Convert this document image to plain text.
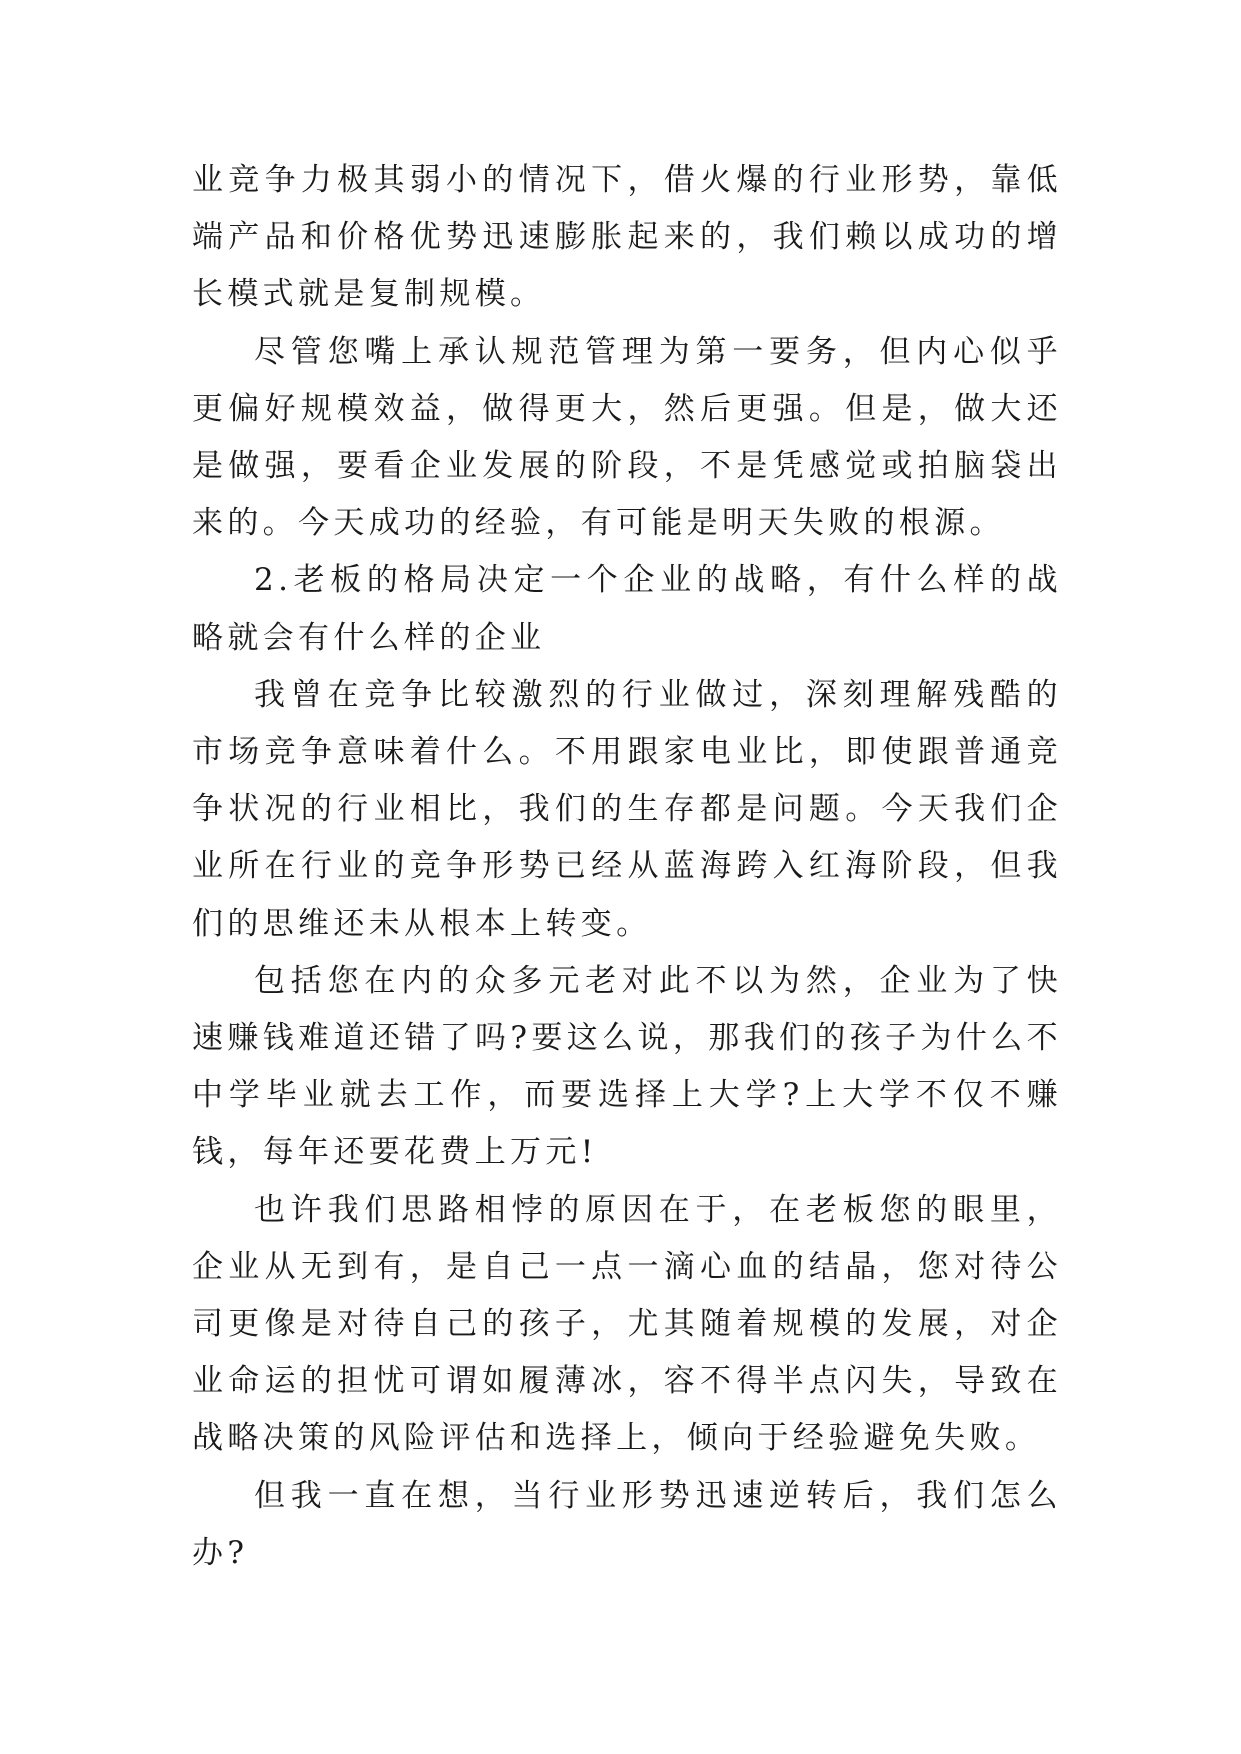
业竞争力极其弱小的情况下，借火爆的行业形势，靠低端产品和价格优势迅速膨胀起来的，我们赖以成功的增长模式就是复制规模。

尽管您嘴上承认规范管理为第一要务，但内心似乎更偏好规模效益，做得更大，然后更强。但是，做大还是做强，要看企业发展的阶段，不是凭感觉或拍脑袋出来的。今天成功的经验，有可能是明天失败的根源。

2.老板的格局决定一个企业的战略，有什么样的战略就会有什么样的企业

我曾在竞争比较激烈的行业做过，深刻理解残酷的市场竞争意味着什么。不用跟家电业比，即使跟普通竞争状况的行业相比，我们的生存都是问题。今天我们企业所在行业的竞争形势已经从蓝海跨入红海阶段，但我们的思维还未从根本上转变。

包括您在内的众多元老对此不以为然，企业为了快速赚钱难道还错了吗?要这么说，那我们的孩子为什么不中学毕业就去工作，而要选择上大学?上大学不仅不赚钱，每年还要花费上万元!

也许我们思路相悖的原因在于，在老板您的眼里，企业从无到有，是自己一点一滴心血的结晶，您对待公司更像是对待自己的孩子，尤其随着规模的发展，对企业命运的担忧可谓如履薄冰，容不得半点闪失，导致在战略决策的风险评估和选择上，倾向于经验避免失败。

但我一直在想，当行业形势迅速逆转后，我们怎么办?
